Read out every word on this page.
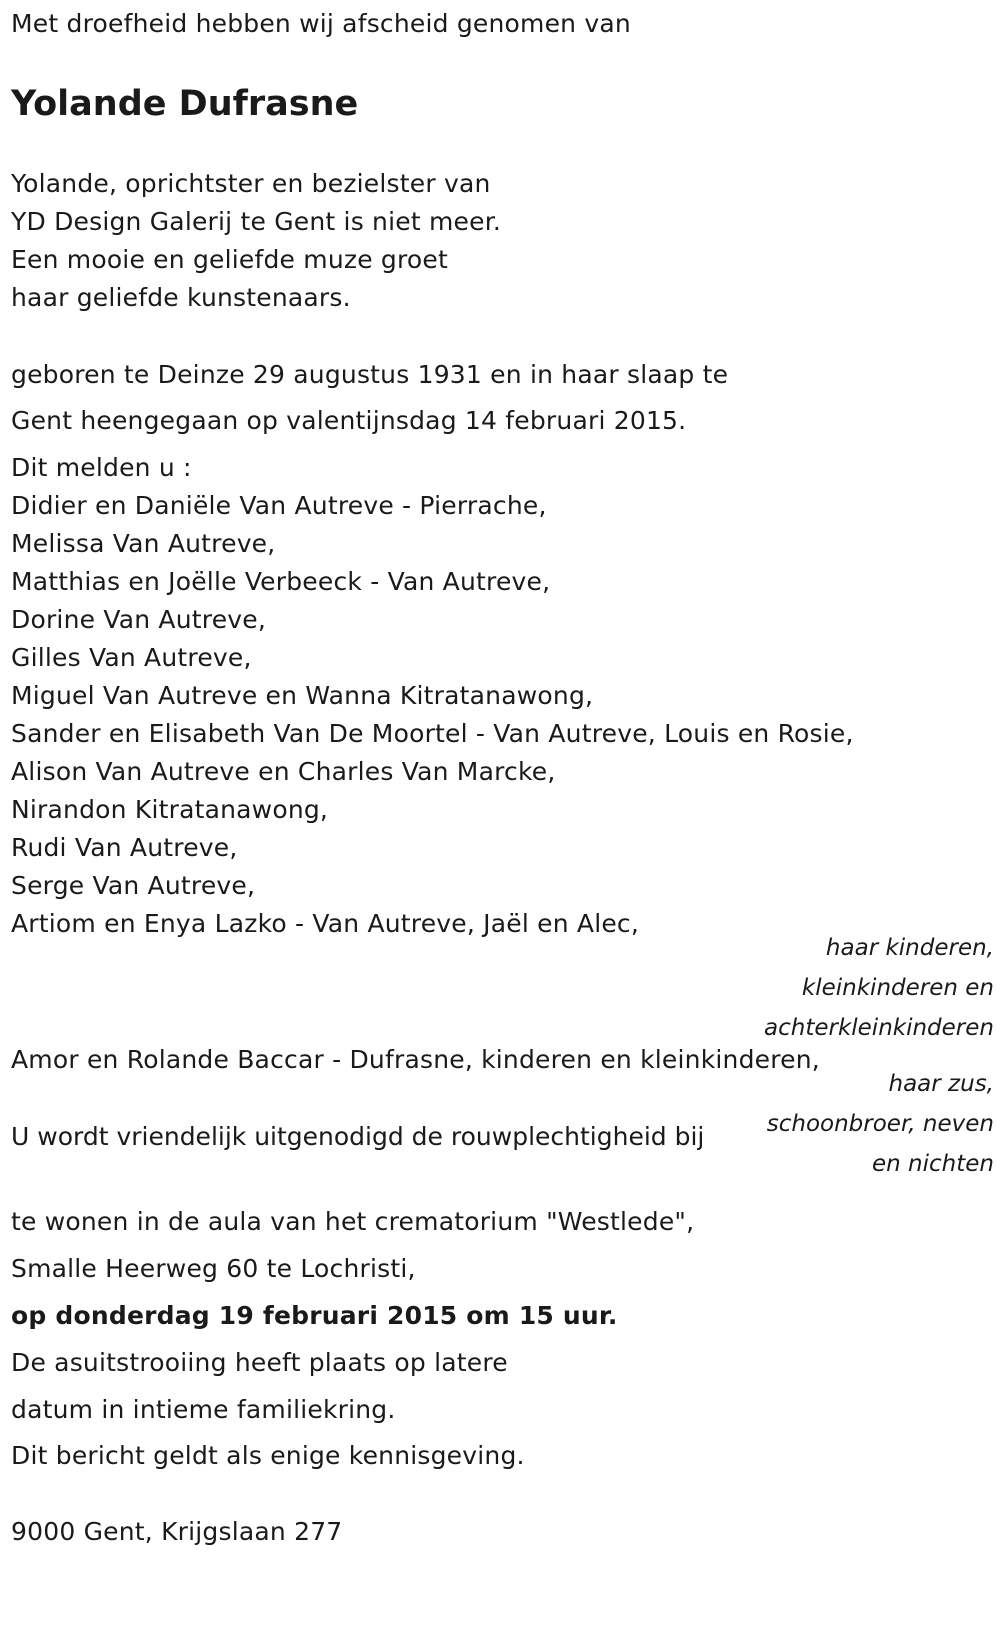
Met droefheid hebben wij afscheid genomen van
Yolande Dufrasne
Yolande, oprichtster en bezielster van
YD Design Galerij te Gent is niet meer.
Een mooie en geliefde muze groet
haar geliefde kunstenaars.
geboren te Deinze 29 augustus 1931 en in haar slaap te
Gent heengegaan op valentijnsdag 14 februari 2015.
Dit melden u :
Didier en Daniële Van Autreve - Pierrache,
Melissa Van Autreve,
Matthias en Joëlle Verbeeck - Van Autreve,
Dorine Van Autreve,
Gilles Van Autreve,
Miguel Van Autreve en Wanna Kitratanawong,
Sander en Elisabeth Van De Moortel - Van Autreve, Louis en Rosie,
Alison Van Autreve en Charles Van Marcke,
Nirandon Kitratanawong,
Rudi Van Autreve,
Serge Van Autreve,
Artiom en Enya Lazko - Van Autreve, Jaël en Alec,
haar kinderen,
kleinkinderen en
achterkleinkinderen
Amor en Rolande Baccar - Dufrasne, kinderen en kleinkinderen,
haar zus,
schoonbroer, neven
en nichten
U wordt vriendelijk uitgenodigd de rouwplechtigheid bij
te wonen in de aula van het crematorium "Westlede",
Smalle Heerweg 60 te Lochristi,
op donderdag 19 februari 2015 om 15 uur.
De asuitstrooiing heeft plaats op latere
datum in intieme familiekring.
Dit bericht geldt als enige kennisgeving.
9000 Gent, Krijgslaan 277
